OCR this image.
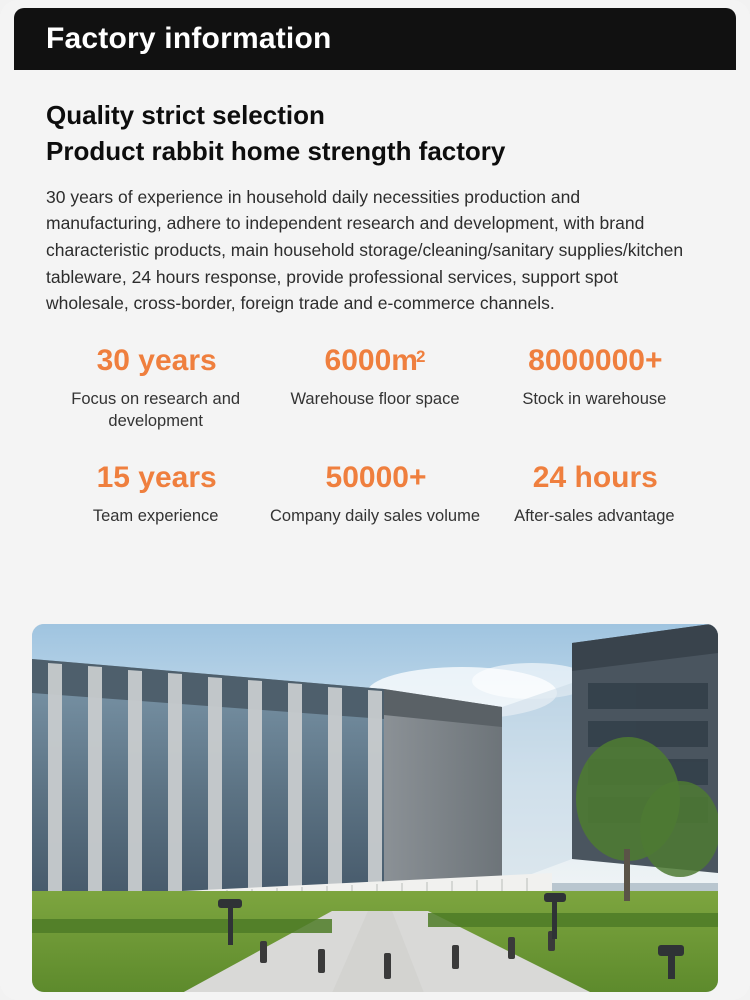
Factory information
Quality strict selection
Product rabbit home strength factory
30 years of experience in household daily necessities production and manufacturing, adhere to independent research and development, with brand characteristic products, main household storage/cleaning/sanitary supplies/kitchen tableware, 24 hours response, provide professional services, support spot wholesale, cross-border, foreign trade and e-commerce channels.
30 years
Focus on research and development
$6000m^2$
Warehouse floor space
8000000+
Stock in warehouse
15 years
Team experience
50000+
Company daily sales volume
24 hours
After-sales advantage
